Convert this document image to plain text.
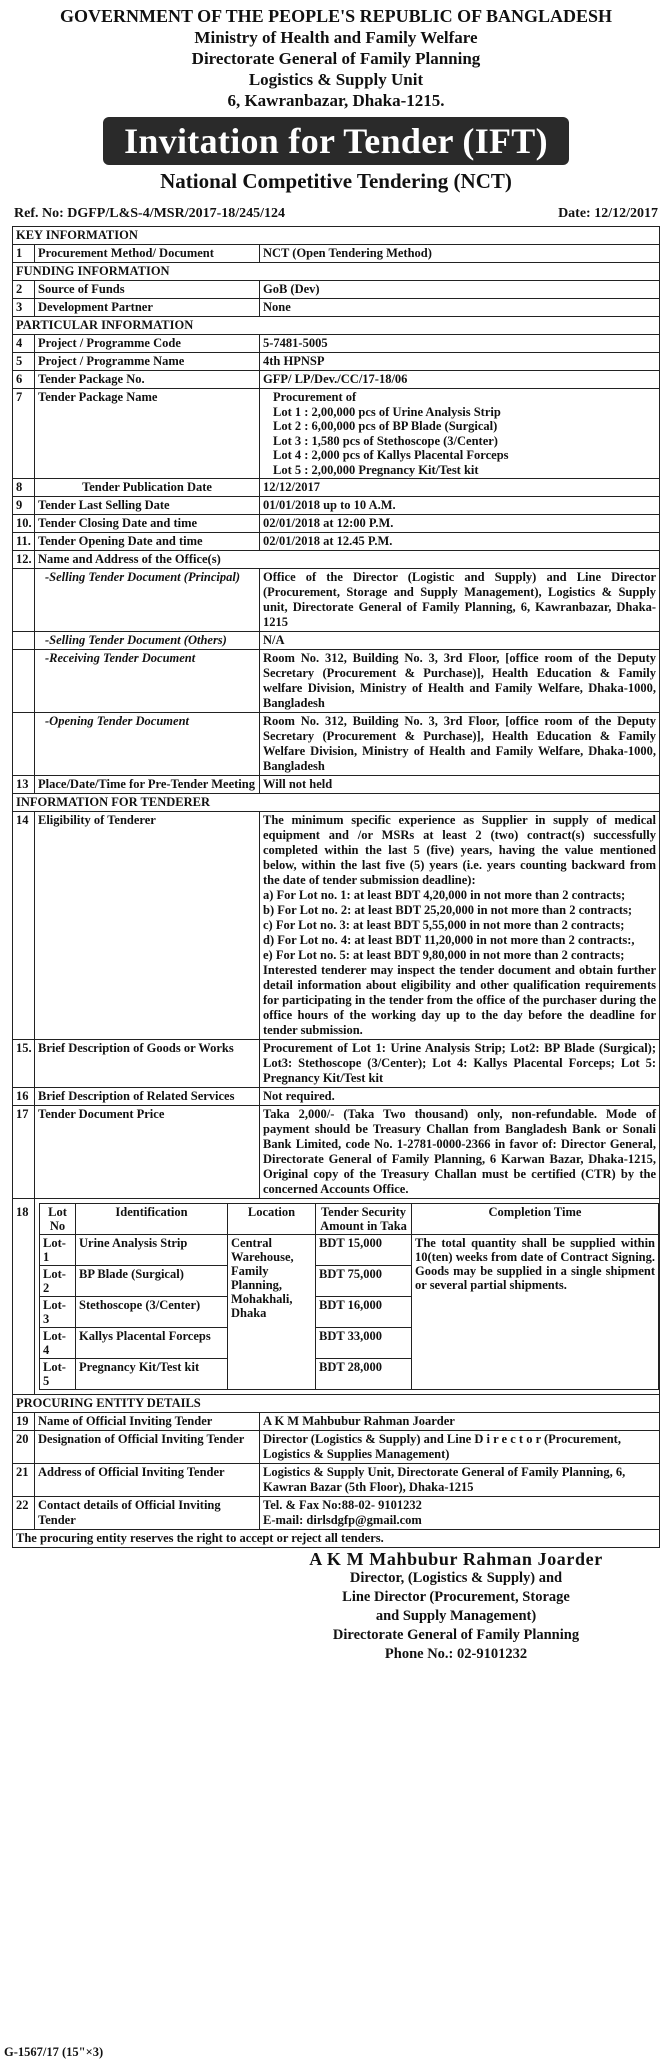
GOVERNMENT OF THE PEOPLE'S REPUBLIC OF BANGLADESH
Ministry of Health and Family Welfare
Directorate General of Family Planning
Logistics & Supply Unit
6, Kawranbazar, Dhaka-1215.
Invitation for Tender (IFT)
National Competitive Tendering (NCT)
Ref. No: DGFP/L&S-4/MSR/2017-18/245/124	Date: 12/12/2017
KEY INFORMATION
1	Procurement Method/ Document	NCT (Open Tendering Method)
FUNDING INFORMATION
2	Source of Funds	GoB (Dev)
3	Development Partner	None
PARTICULAR INFORMATION
4	Project / Programme Code	5-7481-5005
5	Project / Programme Name	4th HPNSP
6	Tender Package No.	GFP/ LP/Dev./CC/17-18/06
7	Tender Package Name	Procurement of
Lot 1 : 2,00,000 pcs of Urine Analysis Strip
Lot 2 : 6,00,000 pcs of BP Blade (Surgical)
Lot 3 : 1,580 pcs of Stethoscope (3/Center)
Lot 4 : 2,000 pcs of Kallys Placental Forceps
Lot 5 : 2,00,000 Pregnancy Kit/Test kit

8	Tender Publication Date	12/12/2017
9	Tender Last Selling Date	01/01/2018 up to 10 A.M.
10.	Tender Closing Date and time	02/01/2018 at 12:00 P.M.
11.	Tender Opening Date and time	02/01/2018 at 12.45 P.M.
12.	Name and Address of the Office(s)
	-Selling Tender Document (Principal)	Office of the Director (Logistic and Supply) and Line Director (Procurement, Storage and Supply Management), Logistics & Supply unit, Directorate General of Family Planning, 6, Kawranbazar, Dhaka-1215
	-Selling Tender Document (Others)	N/A
	-Receiving Tender Document	Room No. 312, Building No. 3, 3rd Floor, [office room of the Deputy Secretary (Procurement & Purchase)], Health Education & Family welfare Division, Ministry of Health and Family Welfare, Dhaka-1000, Bangladesh
	-Opening Tender Document	Room No. 312, Building No. 3, 3rd Floor, [office room of the Deputy Secretary (Procurement & Purchase)], Health Education & Family Welfare Division, Ministry of Health and Family Welfare, Dhaka-1000, Bangladesh
13	Place/Date/Time for Pre-Tender Meeting	Will not held
INFORMATION FOR TENDERER
14	Eligibility of Tenderer	The minimum specific experience as Supplier in supply of medical equipment and /or MSRs at least 2 (two) contract(s) successfully completed within the last 5 (five) years, having the value mentioned below, within the last five (5) years (i.e. years counting backward from the date of tender submission deadline):
a) For Lot no. 1: at least BDT 4,20,000 in not more than 2 contracts;
b) For Lot no. 2: at least BDT 25,20,000 in not more than 2 contracts;
c) For Lot no. 3: at least BDT 5,55,000 in not more than 2 contracts;
d) For Lot no. 4: at least BDT 11,20,000 in not more than 2 contracts:,
e) For Lot no. 5: at least BDT 9,80,000 in not more than 2 contracts;
Interested tenderer may inspect the tender document and obtain further detail information about eligibility and other qualification requirements for participating in the tender from the office of the purchaser during the office hours of the working day up to the day before the deadline for tender submission.

15.	Brief Description of Goods or Works	Procurement of Lot 1: Urine Analysis Strip; Lot2: BP Blade (Surgical); Lot3: Stethoscope (3/Center); Lot 4: Kallys Placental Forceps; Lot 5: Pregnancy Kit/Test kit
16	Brief Description of Related Services	Not required.
17	Tender Document Price	Taka 2,000/- (Taka Two thousand) only, non-refundable. Mode of payment should be Treasury Challan from Bangladesh Bank or Sonali Bank Limited, code No. 1-2781-0000-2366 in favor of: Director General, Directorate General of Family Planning, 6 Karwan Bazar, Dhaka-1215, Original copy of the Treasury Challan must be certified (CTR) by the concerned Accounts Office.
18	Lot No	Identification	Location	Tender Security Amount in Taka	Completion Time
Lot-1	Urine Analysis Strip	Central Warehouse, Family Planning, Mohakhali, Dhaka	BDT 15,000	The total quantity shall be supplied within 10(ten) weeks from date of Contract Signing. Goods may be supplied in a single shipment or several partial shipments.
Lot-2	BP Blade (Surgical)	BDT 75,000
Lot-3	Stethoscope (3/Center)	BDT 16,000
Lot-4	Kallys Placental Forceps	BDT 33,000
Lot-5	Pregnancy Kit/Test kit	BDT 28,000

PROCURING ENTITY DETAILS
19	Name of Official Inviting Tender	A K M Mahbubur Rahman Joarder
20	Designation of Official Inviting Tender	Director (Logistics & Supply) and Line D i r e c t o r (Procurement, Logistics & Supplies Management)
21	Address of Official Inviting Tender	Logistics & Supply Unit, Directorate General of Family Planning, 6, Kawran Bazar (5th Floor), Dhaka-1215
22	Contact details of Official Inviting Tender	
Tel. & Fax No:88-02- 9101232
E-mail: dirlsdgfp@gmail.com

The procuring entity reserves the right to accept or reject all tenders.
A K M Mahbubur Rahman Joarder
Director, (Logistics & Supply) and
Line Director (Procurement, Storage
and Supply Management)
Directorate General of Family Planning
Phone No.: 02-9101232
G-1567/17 (15"×3)
